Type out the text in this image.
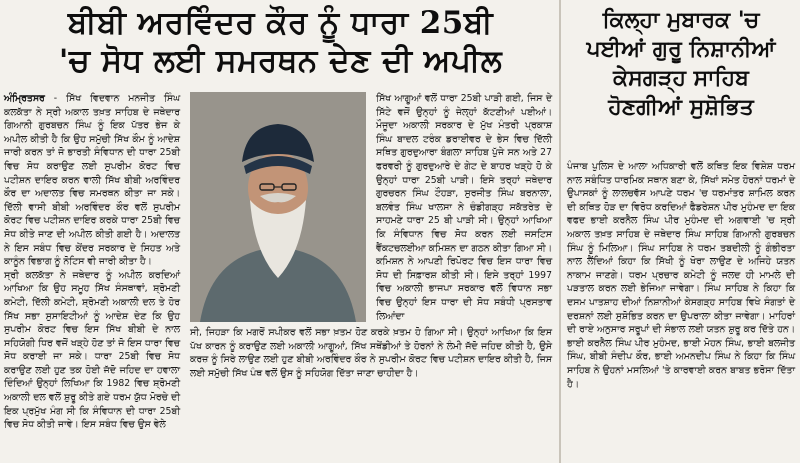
ਬੀਬੀ ਅਰਵਿੰਦਰ ਕੌਰ ਨੂੰ ਧਾਰਾ 25ਬੀ
'ਚ ਸੋਧ ਲਈ ਸਮਰਥਨ ਦੇਣ ਦੀ ਅਪੀਲ

ਅੰਮ੍ਰਿਤਸਰ - ਸਿੱਖ ਵਿਦਵਾਨ ਮਨਜੀਤ ਸਿੰਘ ਕਲਕੱਤਾ ਨੇ ਸ੍ਰੀ ਅਕਾਲ ਤਖ਼ਤ ਸਾਹਿਬ ਦੇ ਜਥੇਦਾਰ ਗਿਆਨੀ ਗੁਰਬਚਨ ਸਿੰਘ ਨੂੰ ਇਕ ਪੱਤਰ ਭੇਜ ਕੇ ਅਪੀਲ ਕੀਤੀ ਹੈ ਕਿ ਉਹ ਸਮੁੱਚੀ ਸਿੱਖ ਕੌਮ ਨੂੰ ਆਦੇਸ਼ ਜਾਰੀ ਕਰਨ ਤਾਂ ਜੋ ਭਾਰਤੀ ਸੰਵਿਧਾਨ ਦੀ ਧਾਰਾ 25ਬੀ ਵਿਚ ਸੋਧ ਕਰਾਉਣ ਲਈ ਸੁਪਰੀਮ ਕੋਰਟ ਵਿਚ ਪਟੀਸ਼ਨ ਦਾਇਰ ਕਰਨ ਵਾਲੀ ਸਿੱਖ ਬੀਬੀ ਅਰਵਿੰਦਰ ਕੌਰ ਦਾ ਅਦਾਲਤ ਵਿਚ ਸਮਰਥਨ ਕੀਤਾ ਜਾ ਸਕੇ। ਦਿੱਲੀ ਵਾਸੀ ਬੀਬੀ ਅਰਵਿੰਦਰ ਕੌਰ ਵਲੋਂ ਸੁਪਰੀਮ ਕੋਰਟ ਵਿਚ ਪਟੀਸ਼ਨ ਦਾਇਰ ਕਰਕੇ ਧਾਰਾ 25ਬੀ ਵਿਚ ਸੋਧ ਕੀਤੇ ਜਾਣ ਦੀ ਅਪੀਲ ਕੀਤੀ ਗਈ ਹੈ। ਅਦਾਲਤ ਨੇ ਇਸ ਸਬੰਧ ਵਿਚ ਕੇਂਦਰ ਸਰਕਾਰ ਦੇ ਸਿਹਤ ਅਤੇ ਕਾਨੂੰਨ ਵਿਭਾਗ ਨੂੰ ਨੋਟਿਸ ਵੀ ਜਾਰੀ ਕੀਤਾ ਹੈ।

ਸ੍ਰੀ ਕਲਕੱਤਾ ਨੇ ਜਥੇਦਾਰ ਨੂੰ ਅਪੀਲ ਕਰਦਿਆਂ ਆਖਿਆ ਕਿ ਉਹ ਸਮੂਹ ਸਿੱਖ ਸੰਸਥਾਵਾਂ, ਸ਼੍ਰੋਮਣੀ ਕਮੇਟੀ, ਦਿੱਲੀ ਕਮੇਟੀ, ਸ਼੍ਰੋਮਣੀ ਅਕਾਲੀ ਦਲ ਤੇ ਹੋਰ ਸਿੱਖ ਸਭਾ ਸੁਸਾਇਟੀਆਂ ਨੂੰ ਆਦੇਸ਼ ਦੇਣ ਕਿ ਉਹ ਸੁਪਰੀਮ ਕੋਰਟ ਵਿਚ ਇਸ ਸਿੱਖ ਬੀਬੀ ਦੇ ਨਾਲ ਸਹਿਯੋਗੀ ਧਿਰ ਵਜੋਂ ਖੜ੍ਹੇ ਹੋਣ ਤਾਂ ਜੋ ਇਸ ਧਾਰਾ ਵਿਚ ਸੋਧ ਕਰਾਈ ਜਾ ਸਕੇ। ਧਾਰਾ 25ਬੀ ਵਿਚ ਸੋਧ ਕਰਾਉਣ ਲਈ ਹੁਣ ਤਕ ਹੋਈ ਜੱਦੋ ਜਹਿਦ ਦਾ ਹਵਾਲਾ ਦਿੰਦਿਆਂ ਉਨ੍ਹਾਂ ਲਿਖਿਆ ਕਿ 1982 ਵਿਚ ਸ਼੍ਰੋਮਣੀ ਅਕਾਲੀ ਦਲ ਵਲੋਂ ਸ਼ੁਰੂ ਕੀਤੇ ਗਏ ਧਰਮ ਯੁੱਧ ਮੋਰਚੇ ਦੀ ਇਕ ਪ੍ਰਮੁੱਖ ਮੰਗ ਸੀ ਕਿ ਸੰਵਿਧਾਨ ਦੀ ਧਾਰਾ 25ਬੀ ਵਿਚ ਸੋਧ ਕੀਤੀ ਜਾਵੇ। ਇਸ ਸਬੰਧ ਵਿਚ ਉਸ ਵੇਲੇ

ਸੀ, ਜਿਹੜਾ ਕਿ ਮਗਰੋਂ ਸਪੀਕਰ ਵਲੋਂ ਸਭਾ ਖ਼ਤਮ ਹੋਣ ਕਰਕੇ ਖ਼ਤਮ ਹੋ ਗਿਆ ਸੀ। ਉਨ੍ਹਾਂ ਆਖਿਆ ਕਿ ਇਸ ਪੱਖ ਕਾਰਨ ਨੂੰ ਕਰਾਉਣ ਲਈ ਅਕਾਲੀ ਆਗੂਆਂ, ਸਿੱਖ ਸਥੇਂਡੀਆਂ ਤੇ ਹੋਰਨਾਂ ਨੇ ਲੰਮੀ ਜੱਦੋ ਜਹਿਦ ਕੀਤੀ ਹੈ, ਉਸੇ ਕਰਜ਼ ਨੂੰ ਸਿਰੇ ਲਾਉਣ ਲਈ ਹੁਣ ਬੀਬੀ ਅਰਵਿੰਦਰ ਕੌਰ ਨੇ ਸੁਪਰੀਮ ਕੋਰਟ ਵਿਚ ਪਟੀਸ਼ਨ ਦਾਇਰ ਕੀਤੀ ਹੈ, ਜਿਸ ਲਈ ਸਮੁੱਚੀ ਸਿੱਖ ਪੰਥ ਵਲੋਂ ਉਸ ਨੂੰ ਸਹਿਯੋਗ ਦਿੱਤਾ ਜਾਣਾ ਚਾਹੀਦਾ ਹੈ।
ਸਿੱਖ ਆਗੂਆਂ ਵਲੋਂ ਧਾਰਾ 25ਬੀ ਪਾੜੀ ਗਈ, ਜਿਸ ਦੇ ਸਿੱਟੇ ਵਜੋਂ ਉਨ੍ਹਾਂ ਨੂੰ ਜੇਲ੍ਹਾਂ ਕੱਟਣੀਆਂ ਪਈਆਂ। ਮੌਜੂਦਾ ਅਕਾਲੀ ਸਰਕਾਰ ਦੇ ਮੁੱਖ ਮੰਤਰੀ ਪ੍ਰਕਾਸ਼ ਸਿੰਘ ਬਾਦਲ ਟਰੰਕ ਡਰਾਈਵਰ ਦੇ ਭੇਸ ਵਿਚ ਦਿੱਲੀ ਸਥਿਤ ਗੁਰਦੁਆਰਾ ਬੰਗਲਾ ਸਾਹਿਬ ਪੁੱਜੇ ਸਨ ਅਤੇ 27 ਫਰਵਰੀ ਨੂੰ ਗੁਰਦੁਆਰੇ ਦੇ ਗੇਟ ਦੇ ਬਾਹਰ ਖੜ੍ਹੇ ਹੋ ਕੇ ਉਨ੍ਹਾਂ ਧਾਰਾ 25ਬੀ ਪਾੜੀ। ਇਸੇ ਤਰ੍ਹਾਂ ਜਥੇਦਾਰ ਗੁਰਚਰਨ ਸਿੰਘ ਟੌਹੜਾ, ਸੁਰਜੀਤ ਸਿੰਘ ਬਰਨਾਲਾ, ਬਲਵੰਤ ਸਿੰਘ ਖਾਲਸਾ ਨੇ ਚੰਡੀਗੜ੍ਹ ਸਕੱਤਰੇਤ ਦੇ ਸਾਹਮਣੇ ਧਾਰਾ 25 ਬੀ ਪਾੜੀ ਸੀ। ਉਨ੍ਹਾਂ ਆਖਿਆ ਕਿ ਸੰਵਿਧਾਨ ਵਿਚ ਸੋਧ ਕਰਨ ਲਈ ਜਸਟਿਸ ਵੈਂਕਟਚਲਈਆ ਕਮਿਸ਼ਨ ਦਾ ਗਠਨ ਕੀਤਾ ਗਿਆ ਸੀ। ਕਮਿਸ਼ਨ ਨੇ ਆਪਣੀ ਰਿਪੋਰਟ ਵਿਚ ਇਸ ਧਾਰਾ ਵਿਚ ਸੋਧ ਦੀ ਸਿਫ਼ਾਰਸ਼ ਕੀਤੀ ਸੀ। ਇਸੇ ਤਰ੍ਹਾਂ 1997 ਵਿਚ ਅਕਾਲੀ ਭਾਜਪਾ ਸਰਕਾਰ ਵਲੋਂ ਵਿਧਾਨ ਸਭਾ ਵਿਚ ਉਨ੍ਹਾਂ ਇਸ ਧਾਰਾ ਦੀ ਸੋਧ ਸਬੰਧੀ ਪ੍ਰਸਤਾਵ ਲਿਆਂਦਾ
ਕਿਲ੍ਹਾ ਮੁਬਾਰਕ 'ਚ
ਪਈਆਂ ਗੁਰੂ ਨਿਸ਼ਾਨੀਆਂ
ਕੇਸਗੜ੍ਹ ਸਾਹਿਬ
ਹੋਣਗੀਆਂ ਸੁਸ਼ੋਭਿਤ
ਪੰਜਾਬ ਪੁਲਿਸ ਦੇ ਆਲਾ ਅਧਿਕਾਰੀ ਵਲੋਂ ਕਥਿਤ ਇਕ ਵਿਸ਼ੇਸ਼ ਧਰਮ ਨਾਲ ਸਬੰਧਿਤ ਧਾਰਮਿਕ ਸਥਾਨ ਬਣਾ ਕੇ, ਸਿੱਖਾਂ ਸਮੇਤ ਹੋਰਨਾਂ ਧਰਮਾਂ ਦੇ ਉਪਾਸਕਾਂ ਨੂੰ ਲਾਲਚਵੱਸ ਆਪਣੇ ਧਰਮ 'ਚ ਧਰਮਾਂਤਰ ਸ਼ਾਮਿਲ ਕਰਨ ਦੀ ਕਥਿਤ ਹੋੜ ਦਾ ਵਿਰੋਧ ਕਰਦਿਆਂ ਫੈਡਰੇਸ਼ਨ ਪੀਰ ਮੁਹੰਮਦ ਦਾ ਇਕ ਵਫਦ ਭਾਈ ਕਰਨੈਲ ਸਿੰਘ ਪੀਰ ਮੁਹੰਮਦ ਦੀ ਅਗਵਾਈ 'ਚ ਸ੍ਰੀ ਅਕਾਲ ਤਖ਼ਤ ਸਾਹਿਬ ਦੇ ਜਥੇਦਾਰ ਸਿੰਘ ਸਾਹਿਬ ਗਿਆਨੀ ਗੁਰਬਚਨ ਸਿੰਘ ਨੂੰ ਮਿਲਿਆ। ਸਿੰਘ ਸਾਹਿਬ ਨੇ ਧਰਮ ਤਬਦੀਲੀ ਨੂੰ ਗੰਭੀਰਤਾ ਨਾਲ ਲੈਂਦਿਆਂ ਕਿਹਾ ਕਿ ਸਿੱਖੀ ਨੂੰ ਖੋਰਾ ਲਾਉਣ ਦੇ ਅਜਿਹੇ ਯਤਨ ਨਾਕਾਮ ਜਾਣਗੇ। ਧਰਮ ਪ੍ਰਚਾਰ ਕਮੇਟੀ ਨੂੰ ਜਲਦ ਹੀ ਮਾਮਲੇ ਦੀ ਪੜਤਾਲ ਕਰਨ ਲਈ ਭੇਜਿਆ ਜਾਵੇਗਾ। ਸਿੰਘ ਸਾਹਿਬ ਨੇ ਕਿਹਾ ਕਿ ਦਸਮ ਪਾਤਸ਼ਾਹ ਦੀਆਂ ਨਿਸ਼ਾਨੀਆਂ ਕੇਸਗੜ੍ਹ ਸਾਹਿਬ ਵਿਖੇ ਸੰਗਤਾਂ ਦੇ ਦਰਸ਼ਨਾਂ ਲਈ ਸੁਸ਼ੋਭਿਤ ਕਰਨ ਦਾ ਉਪਰਾਲਾ ਕੀਤਾ ਜਾਵੇਗਾ। ਮਾਹਿਰਾਂ ਦੀ ਰਾਏ ਅਨੁਸਾਰ ਸਰੂਪਾਂ ਦੀ ਸੰਭਾਲ ਲਈ ਯਤਨ ਸ਼ੁਰੂ ਕਰ ਦਿੱਤੇ ਹਨ। ਭਾਈ ਕਰਨੈਲ ਸਿੰਘ ਪੀਰ ਮੁਹੰਮਦ, ਭਾਈ ਮੋਹਨ ਸਿੰਘ, ਭਾਈ ਬਲਜੀਤ ਸਿੰਘ, ਬੀਬੀ ਸੰਦੀਪ ਕੌਰ, ਭਾਈ ਅਮਨਦੀਪ ਸਿੰਘ ਨੇ ਕਿਹਾ ਕਿ ਸਿੰਘ ਸਾਹਿਬ ਨੇ ਉਹਨਾਂ ਮਸਲਿਆਂ 'ਤੇ ਕਾਰਵਾਈ ਕਰਨ ਬਾਬਤ ਭਰੋਸਾ ਦਿੱਤਾ ਹੈ।
